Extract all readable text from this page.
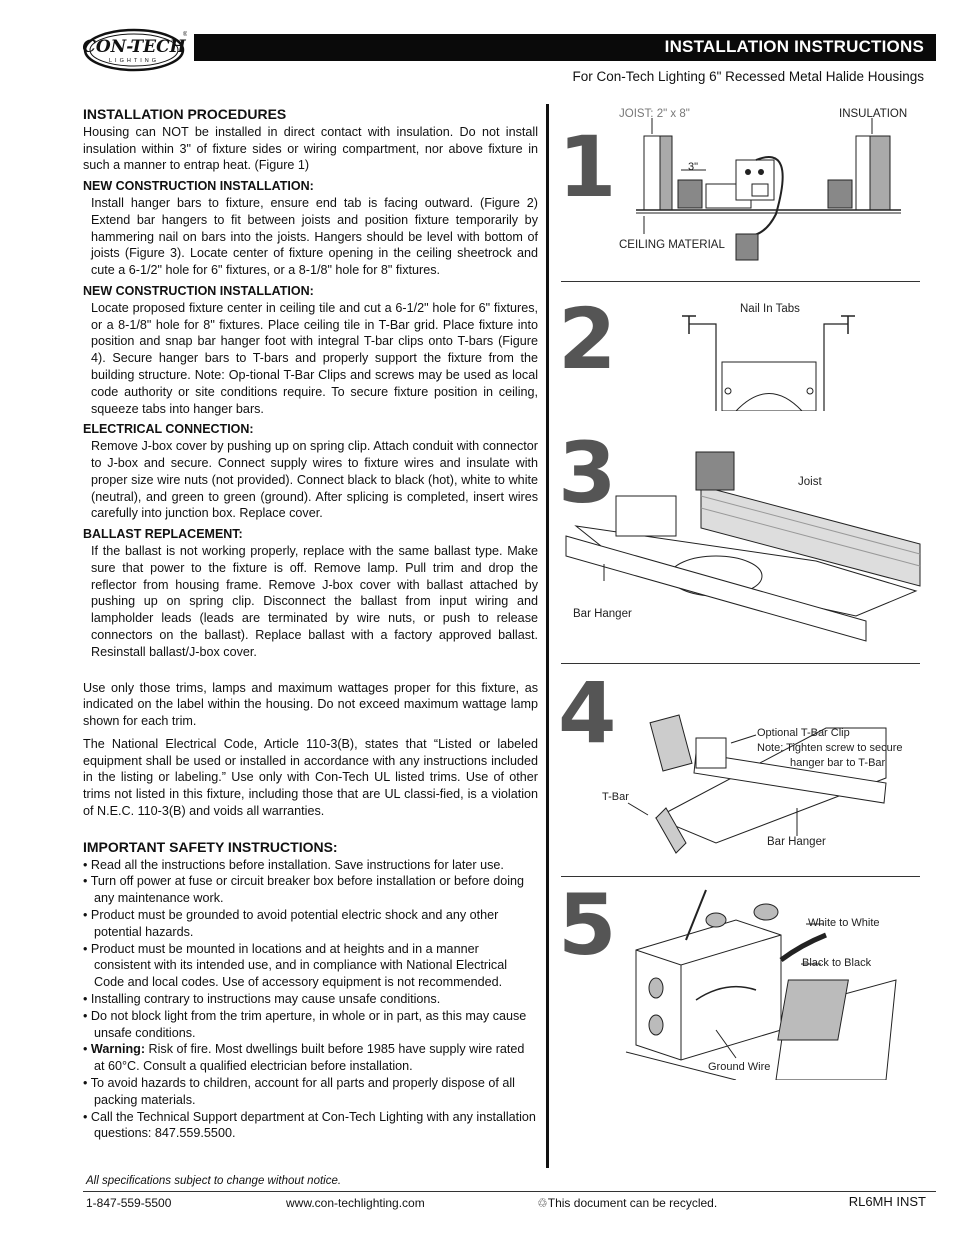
CON-TECH
LIGHTING
®
INSTALLATION INSTRUCTIONS
For Con-Tech Lighting 6" Recessed Metal Halide Housings
INSTALLATION PROCEDURES

Housing can NOT be installed in direct contact with insulation. Do not install insulation within 3" of fixture sides or wiring compartment, nor above fixture in such a manner to entrap heat. (Figure 1)

NEW CONSTRUCTION INSTALLATION:

Install hanger bars to fixture, ensure end tab is facing outward. (Figure 2) Extend bar hangers to fit between joists and position fixture temporarily by hammering nail on bars into the joists. Hangers should be level with bottom of joists (Figure 3). Locate center of fixture opening in the ceiling sheetrock and cute a 6-1/2" hole for 6" fixtures, or a 8-1/8" hole for 8" fixtures.

NEW CONSTRUCTION INSTALLATION:

Locate proposed fixture center in ceiling tile and cut a 6-1/2" hole for 6" fixtures, or a 8-1/8" hole for 8" fixtures. Place ceiling tile in T-Bar grid. Place fixture into position and snap bar hanger foot with integral T-bar clips onto T-bars (Figure 4). Secure hanger bars to T-bars and properly support the fixture from the building structure. Note: Op-tional T-Bar Clips and screws may be used as local code authority or site conditions require. To secure fixture position in ceiling, squeeze tabs into hanger bars.

ELECTRICAL CONNECTION:

Remove J-box cover by pushing up on spring clip. Attach conduit with connector to J-box and secure. Connect supply wires to fixture wires and insulate with proper size wire nuts (not provided). Connect black to black (hot), white to white (neutral), and green to green (ground). After splicing is completed, insert wires carefully into junction box. Replace cover.

BALLAST REPLACEMENT:

If the ballast is not working properly, replace with the same ballast type. Make sure that power to the fixture is off. Remove lamp. Pull trim and drop the reflector from housing frame. Remove J-box cover with ballast attached by pushing up on spring clip. Disconnect the ballast from input wiring and lampholder leads (leads are terminated by wire nuts, or push to release connectors on the ballast). Replace ballast with a factory approved ballast. Resinstall ballast/J-box cover.

Use only those trims, lamps and maximum wattages proper for this fixture, as indicated on the label within the housing. Do not exceed maximum wattage lamp shown for each trim.

The National Electrical Code, Article 110-3(B), states that “Listed or labeled equipment shall be used or installed in accordance with any instructions included in the listing or labeling.” Use only with Con-Tech UL listed trims. Use of other trims not listed in this fixture, including those that are UL classi-fied, is a violation of N.E.C. 110-3(B) and voids all warranties.

IMPORTANT SAFETY INSTRUCTIONS:
• Read all the instructions before installation. Save instructions for later use.
• Turn off power at fuse or circuit breaker box before installation or before doing any maintenance work.
• Product must be grounded to avoid potential electric shock and any other potential hazards.
• Product must be mounted in locations and at heights and in a manner consistent with its intended use, and in compliance with National Electrical Code and local codes. Use of accessory equipment is not recommended.
• Installing contrary to instructions may cause unsafe conditions.
• Do not block light from the trim aperture, in whole or in part, as this may cause unsafe conditions.
• Warning: Risk of fire. Most dwellings built before 1985 have supply wire rated at 60°C. Consult a qualified electrician before installation.
• To avoid hazards to children, account for all parts and properly dispose of all packing materials.
• Call the Technical Support department at Con-Tech Lighting with any installation questions: 847.559.5500.
1
JOIST: 2" x 8"	INSULATION
3"
CEILING MATERIAL
2	Nail In Tabs
3	Joist
Bar Hanger
4	Optional T-Bar Clip
Note: Tighten screw to secure
hanger bar to T-Bar
T-Bar
Bar Hanger
5	White to White
Black to Black
Ground Wire
All specifications subject to change without notice.
1-847-559-5500	www.con-techlighting.com	♲This document can be recycled.	RL6MH INST
